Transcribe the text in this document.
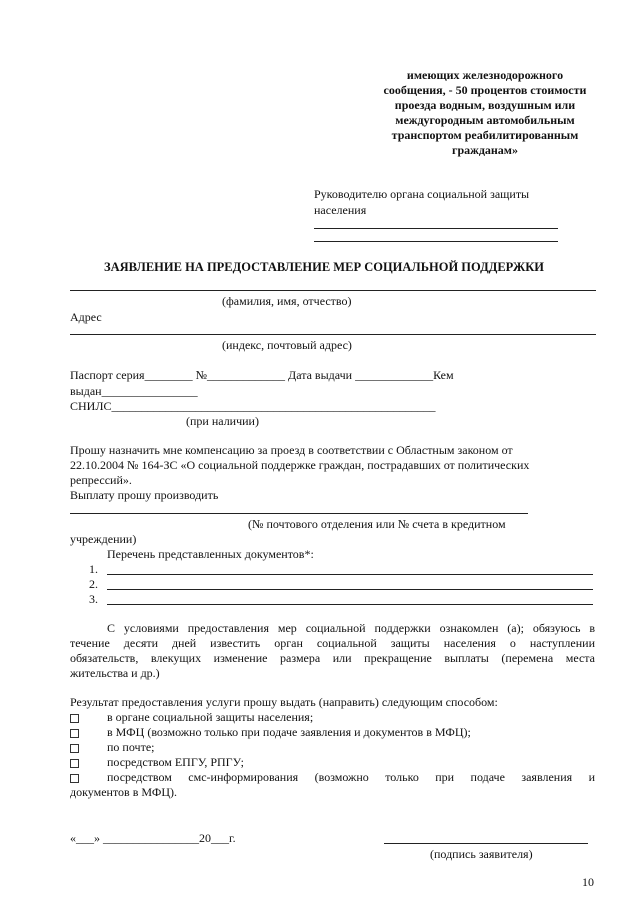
имеющих железнодорожного
сообщения, - 50 процентов стоимости
проезда водным, воздушным или
междугородным автомобильным
транспортом реабилитированным
гражданам»
Руководителю органа социальной защиты
населения
ЗАЯВЛЕНИЕ НА ПРЕДОСТАВЛЕНИЕ МЕР СОЦИАЛЬНОЙ ПОДДЕРЖКИ
(фамилия, имя, отчество)
Адрес
(индекс, почтовый адрес)
Паспорт серия________ №_____________ Дата выдачи _____________Кем
выдан________________
СНИЛС______________________________________________________
(при наличии)
Прошу назначить мне компенсацию за проезд в соответствии с Областным законом от
22.10.2004 № 164-ЗС «О социальной поддержке граждан, пострадавших от политических
репрессий».
Выплату прошу производить
(№ почтового отделения или № счета в кредитном
учреждении)
Перечень представленных документов*:
1.
2.
3.
С условиями предоставления мер социальной поддержки ознакомлен (а); обязуюсь в
течение десяти дней известить орган социальной защиты населения о наступлении
обязательств, влекущих изменение размера или прекращение выплаты (перемена места
жительства и др.)
Результат предоставления услуги прошу выдать (направить) следующим способом:
в органе социальной защиты населения;
в МФЦ (возможно только при подаче заявления и документов в МФЦ);
по почте;
посредством ЕПГУ, РПГУ;
посредством смс-информирования (возможно только при подаче заявления и
документов в МФЦ).
«___» ________________20___г.
(подпись заявителя)
10
